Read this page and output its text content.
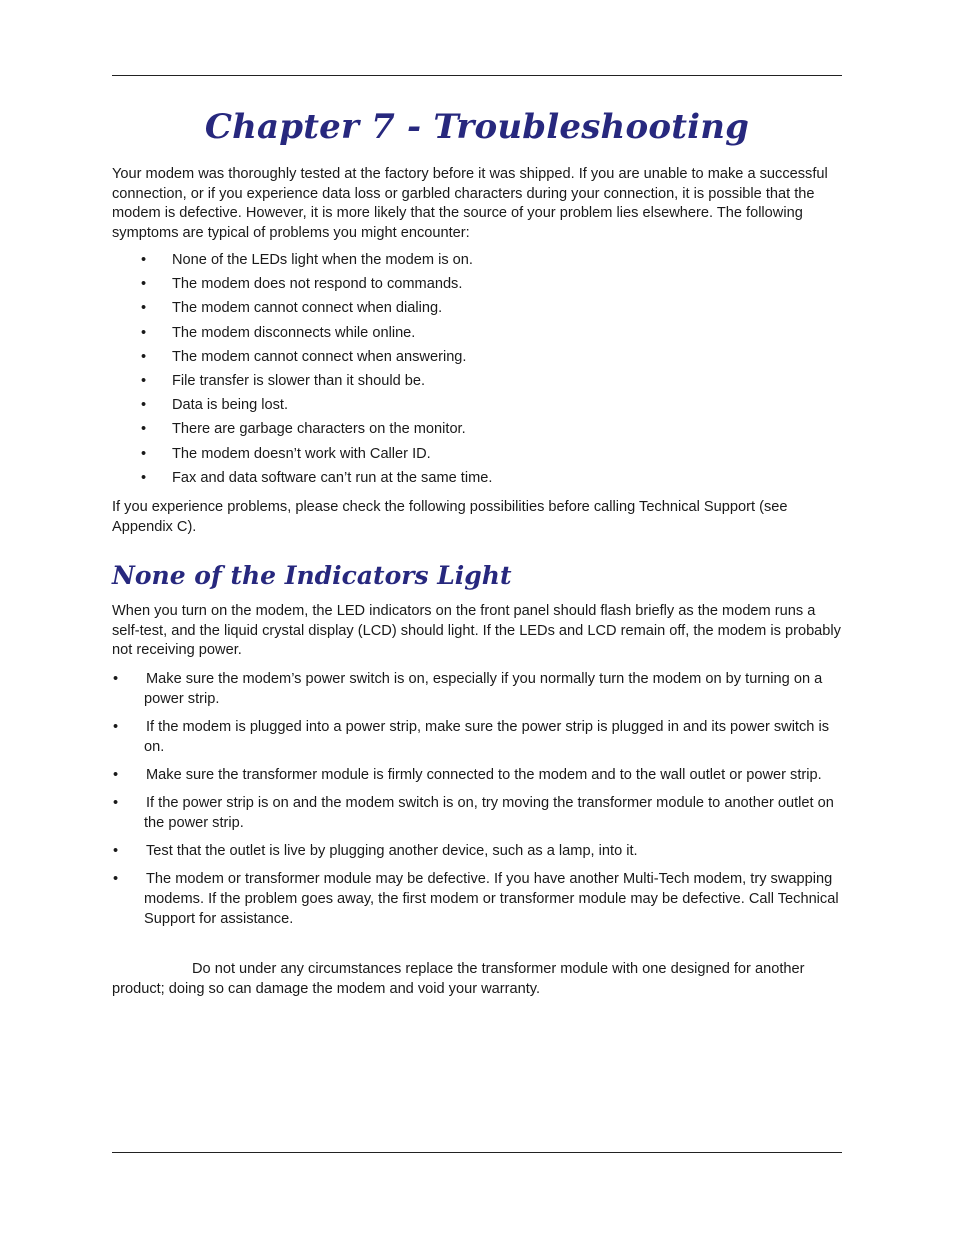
Chapter 7 - Troubleshooting

Your modem was thoroughly tested at the factory before it was shipped. If you are unable to make a successful connection, or if you experience data loss or garbled characters during your connection, it is possible that the modem is defective. However, it is more likely that the source of your problem lies elsewhere. The following symptoms are typical of problems you might encounter:

• None of the LEDs light when the modem is on.
• The modem does not respond to commands.
• The modem cannot connect when dialing.
• The modem disconnects while online.
• The modem cannot connect when answering.
• File transfer is slower than it should be.
• Data is being lost.
• There are garbage characters on the monitor.
• The modem doesn’t work with Caller ID.
• Fax and data software can’t run at the same time.

If you experience problems, please check the following possibilities before calling Technical Support (see Appendix C).

None of the Indicators Light

When you turn on the modem, the LED indicators on the front panel should flash briefly as the modem runs a self-test, and the liquid crystal display (LCD) should light. If the LEDs and LCD remain off, the modem is probably not receiving power.

• Make sure the modem’s power switch is on, especially if you normally turn the modem on by turning on a power strip.
• If the modem is plugged into a power strip, make sure the power strip is plugged in and its power switch is on.
• Make sure the transformer module is firmly connected to the modem and to the wall outlet or power strip.
• If the power strip is on and the modem switch is on, try moving the transformer module to another outlet on the power strip.
• Test that the outlet is live by plugging another device, such as a lamp, into it.
• The modem or transformer module may be defective. If you have another Multi-Tech modem, try swapping modems. If the problem goes away, the first modem or transformer module may be defective. Call Technical Support for assistance.

Do not under any circumstances replace the transformer module with one designed for another product; doing so can damage the modem and void your warranty.
